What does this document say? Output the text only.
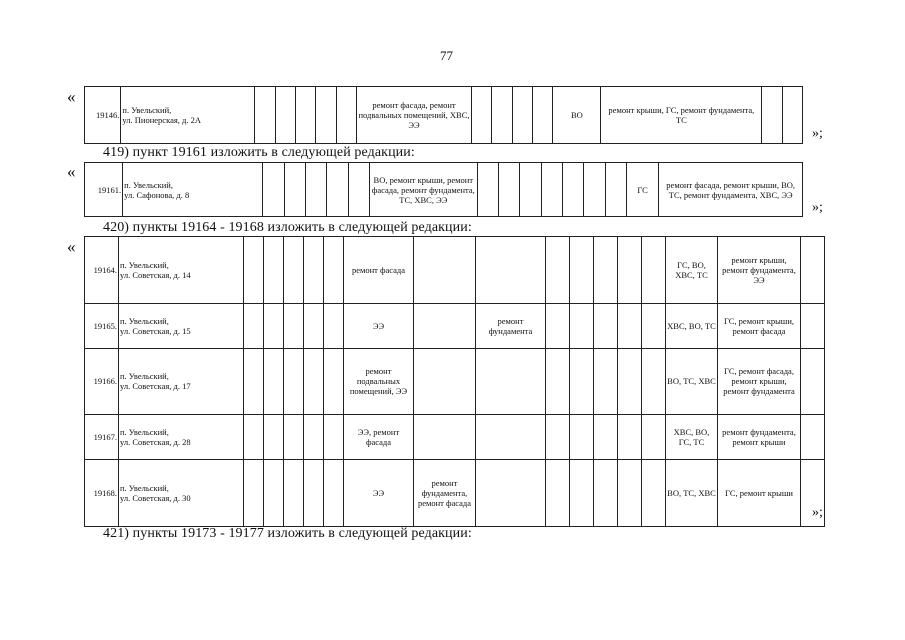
77
«
19146.	п. Увельский,
ул. Пионерская, д. 2А						ремонт фасада, ремонт подвальных помещений, ХВС, ЭЭ					ВО	ремонт крыши, ГС, ремонт фундамента, ТС		
»;
419) пункт 19161 изложить в следующей редакции:
«
19161.	п. Увельский,
ул. Сафонова, д. 8						ВО, ремонт крыши, ремонт фасада, ремонт фундамента, ТС, ХВС, ЭЭ								ГС	ремонт фасада, ремонт крыши, ВО, ТС, ремонт фундамента, ХВС, ЭЭ
»;
420) пункты 19164 - 19168 изложить в следующей редакции:
«
19164.	п. Увельский,
ул. Советская, д. 14						ремонт фасада								ГС, ВО, ХВС, ТС	ремонт крыши, ремонт фундамента, ЭЭ	
19165.	п. Увельский,
ул. Советская, д. 15						ЭЭ		ремонт фундамента						ХВС, ВО, ТС	ГС, ремонт крыши, ремонт фасада	
19166.	п. Увельский,
ул. Советская, д. 17						ремонт подвальных помещений, ЭЭ								ВО, ТС, ХВС	ГС, ремонт фасада, ремонт крыши, ремонт фундамента	
19167.	п. Увельский,
ул. Советская, д. 28						ЭЭ, ремонт фасада								ХВС, ВО, ГС, ТС	ремонт фундамента, ремонт крыши	
19168.	п. Увельский,
ул. Советская, д. 30						ЭЭ	ремонт фундамента, ремонт фасада							ВО, ТС, ХВС	ГС, ремонт крыши	
»;
421) пункты 19173 - 19177 изложить в следующей редакции:
